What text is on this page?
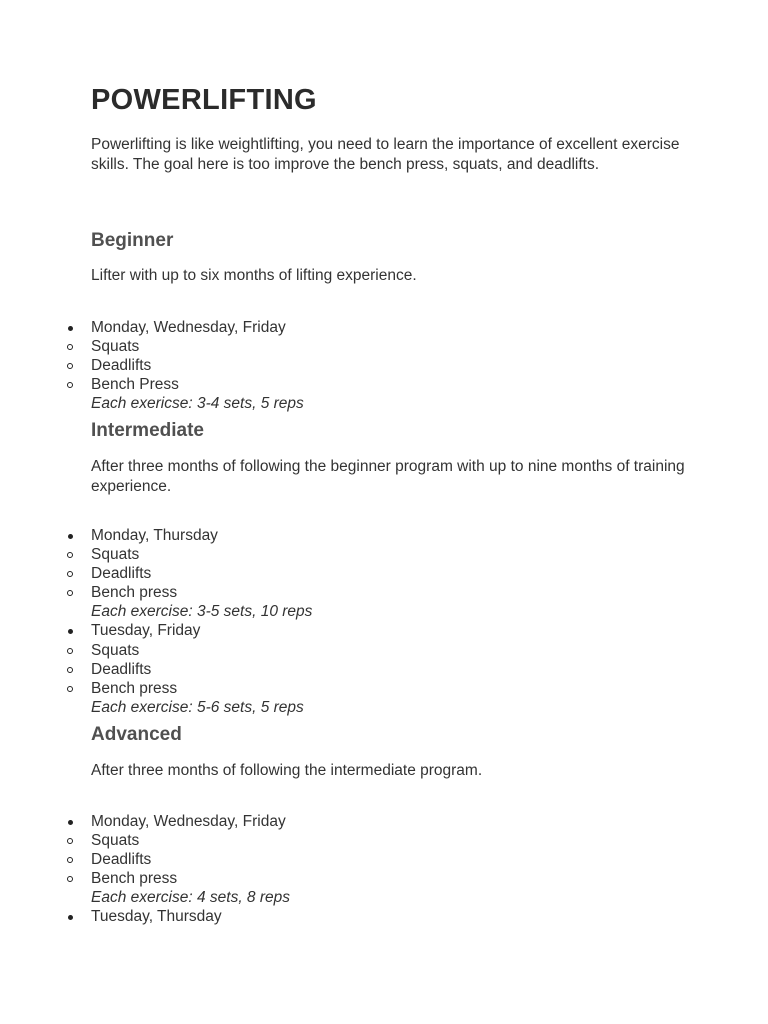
POWERLIFTING

Powerlifting is like weightlifting, you need to learn the importance of excellent exercise skills. The goal here is too improve the bench press, squats, and deadlifts.

Beginner

Lifter with up to six months of lifting experience.

Monday, Wednesday, Friday
Squats
Deadlifts
Bench Press
Each exericse: 3-4 sets, 5 reps
Intermediate

After three months of following the beginner program with up to nine months of training experience.

Monday, Thursday
Squats
Deadlifts
Bench press
Each exercise: 3-5 sets, 10 reps
Tuesday, Friday
Squats
Deadlifts
Bench press
Each exercise: 5-6 sets, 5 reps
Advanced

After three months of following the intermediate program.

Monday, Wednesday, Friday
Squats
Deadlifts
Bench press
Each exercise: 4 sets, 8 reps
Tuesday, Thursday
